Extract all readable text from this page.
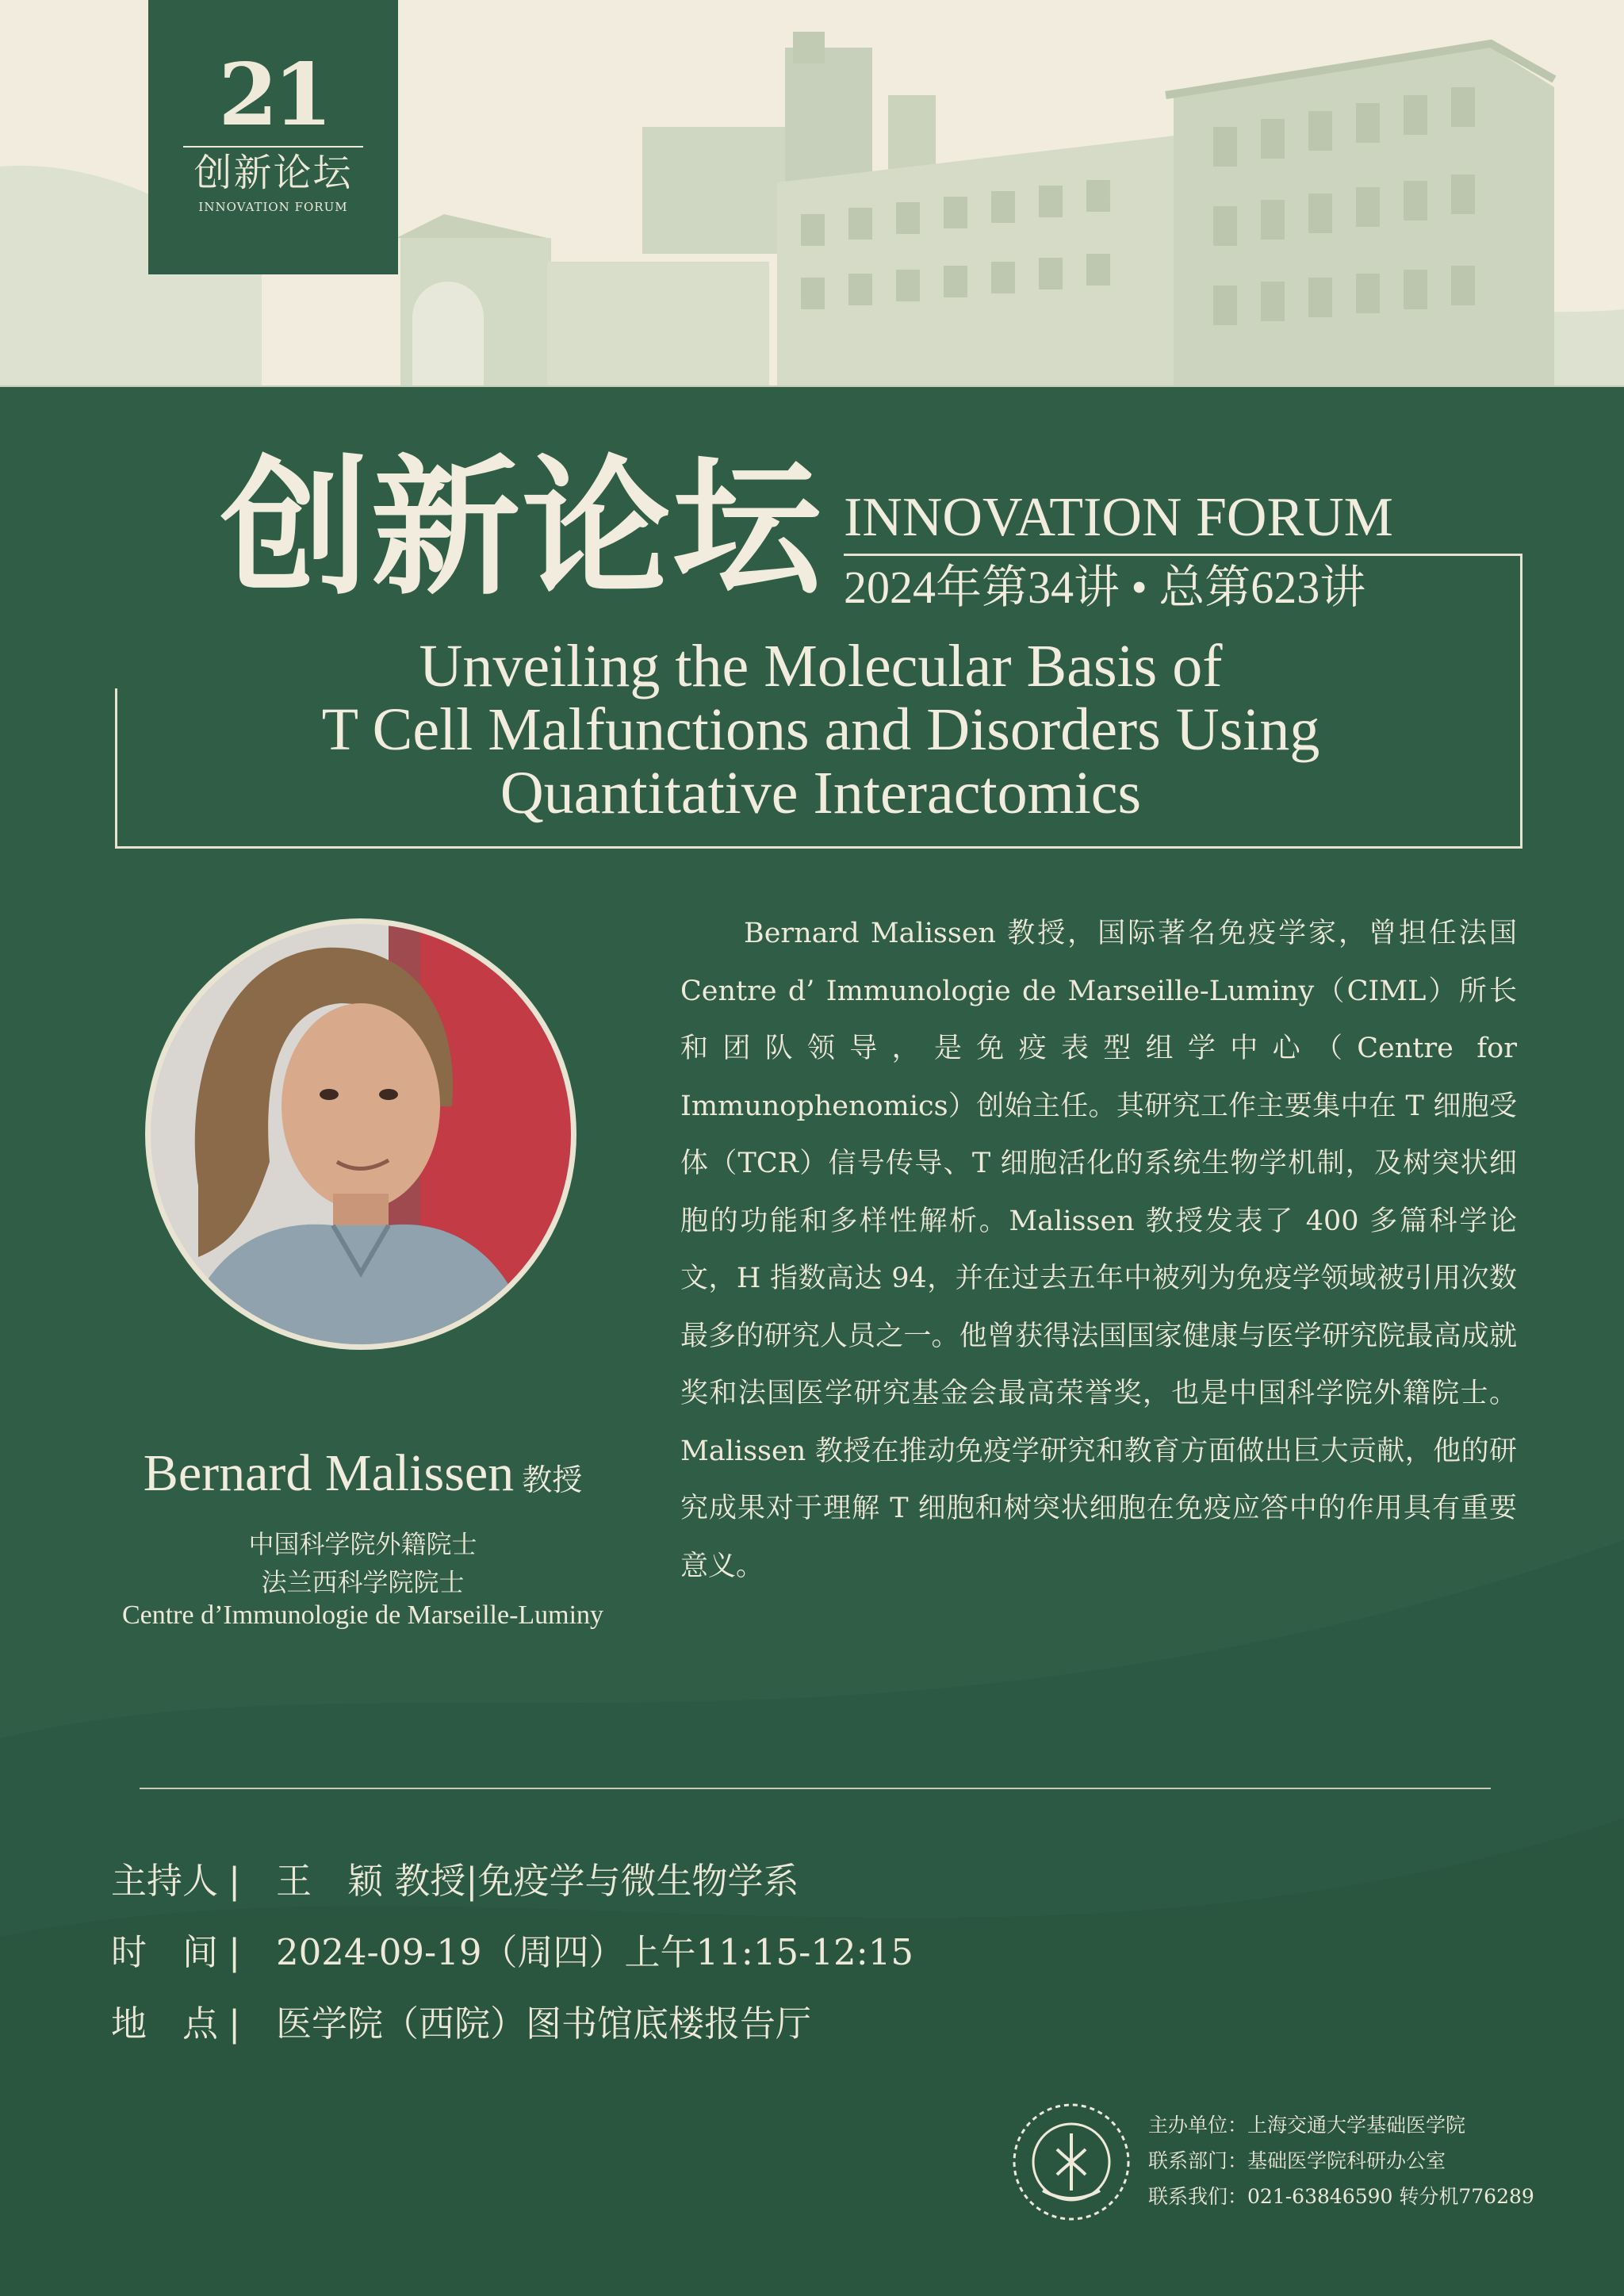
21
创新论坛
INNOVATION FORUM
创新论坛 INNOVATION FORUM
2024年第34讲 • 总第623讲
Unveiling the Molecular Basis of
T Cell Malfunctions and Disorders Using
Quantitative Interactomics
Bernard Malissen 教授
中国科学院外籍院士
法兰西科学院院士
Centre d’Immunologie de Marseille-Luminy
Bernard Malissen 教授，国际著名免疫学家，曾担任法国 Centre d’ Immunologie de Marseille-Luminy（CIML）所长和团队领导，是免疫表型组学中心（Centre for Immunophenomics）创始主任。其研究工作主要集中在 T 细胞受体（TCR）信号传导、T 细胞活化的系统生物学机制，及树突状细胞的功能和多样性解析。Malissen 教授发表了 400 多篇科学论文，H 指数高达 94，并在过去五年中被列为免疫学领域被引用次数最多的研究人员之一。他曾获得法国国家健康与医学研究院最高成就奖和法国医学研究基金会最高荣誉奖，也是中国科学院外籍院士。Malissen 教授在推动免疫学研究和教育方面做出巨大贡献，他的研究成果对于理解 T 细胞和树突状细胞在免疫应答中的作用具有重要意义。
主持人 | 王　颖 教授|免疫学与微生物学系
时　间 | 2024-09-19（周四）上午11:15-12:15
地　点 | 医学院（西院）图书馆底楼报告厅
主办单位：上海交通大学基础医学院
联系部门：基础医学院科研办公室
联系我们：021-63846590 转分机776289
